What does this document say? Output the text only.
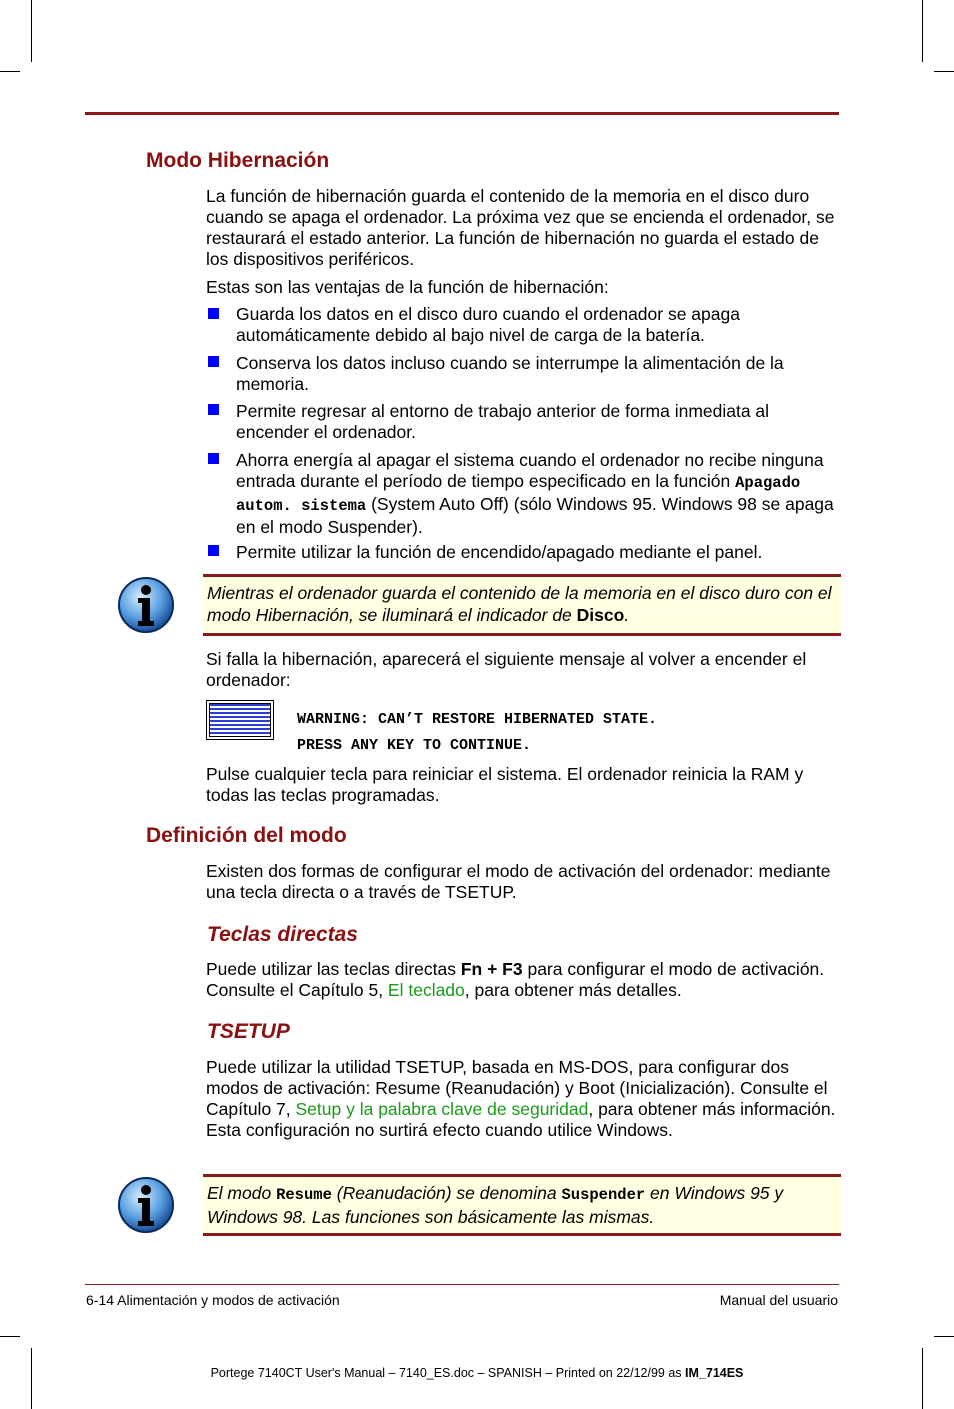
Modo Hibernación
La función de hibernación guarda el contenido de la memoria en el disco duro cuando se apaga el ordenador. La próxima vez que se encienda el ordenador, se restaurará el estado anterior. La función de hibernación no guarda el estado de los dispositivos periféricos.
Estas son las ventajas de la función de hibernación:
Guarda los datos en el disco duro cuando el ordenador se apaga automáticamente debido al bajo nivel de carga de la batería.
Conserva los datos incluso cuando se interrumpe la alimentación de la memoria.
Permite regresar al entorno de trabajo anterior de forma inmediata al encender el ordenador.
Ahorra energía al apagar el sistema cuando el ordenador no recibe ninguna entrada durante el período de tiempo especificado en la función Apagado autom. sistema (System Auto Off) (sólo Windows 95. Windows 98 se apaga en el modo Suspender).
Permite utilizar la función de encendido/apagado mediante el panel.
Mientras el ordenador guarda el contenido de la memoria en el disco duro con el modo Hibernación, se iluminará el indicador de Disco.
Si falla la hibernación, aparecerá el siguiente mensaje al volver a encender el ordenador:
WARNING: CAN’T RESTORE HIBERNATED STATE.
PRESS ANY KEY TO CONTINUE.
Pulse cualquier tecla para reiniciar el sistema. El ordenador reinicia la RAM y todas las teclas programadas.
Definición del modo
Existen dos formas de configurar el modo de activación del ordenador: mediante una tecla directa o a través de TSETUP.
Teclas directas
Puede utilizar las teclas directas Fn + F3 para configurar el modo de activación. Consulte el Capítulo 5, El teclado, para obtener más detalles.
TSETUP
Puede utilizar la utilidad TSETUP, basada en MS-DOS, para configurar dos modos de activación: Resume (Reanudación) y Boot (Inicialización). Consulte el Capítulo 7, Setup y la palabra clave de seguridad, para obtener más información. Esta configuración no surtirá efecto cuando utilice Windows.
El modo Resume (Reanudación) se denomina Suspender en Windows 95 y Windows 98. Las funciones son básicamente las mismas.
6-14 Alimentación y modos de activación	Manual del usuario
Portege 7140CT User's Manual – 7140_ES.doc – SPANISH – Printed on 22/12/99 as IM_714ES
